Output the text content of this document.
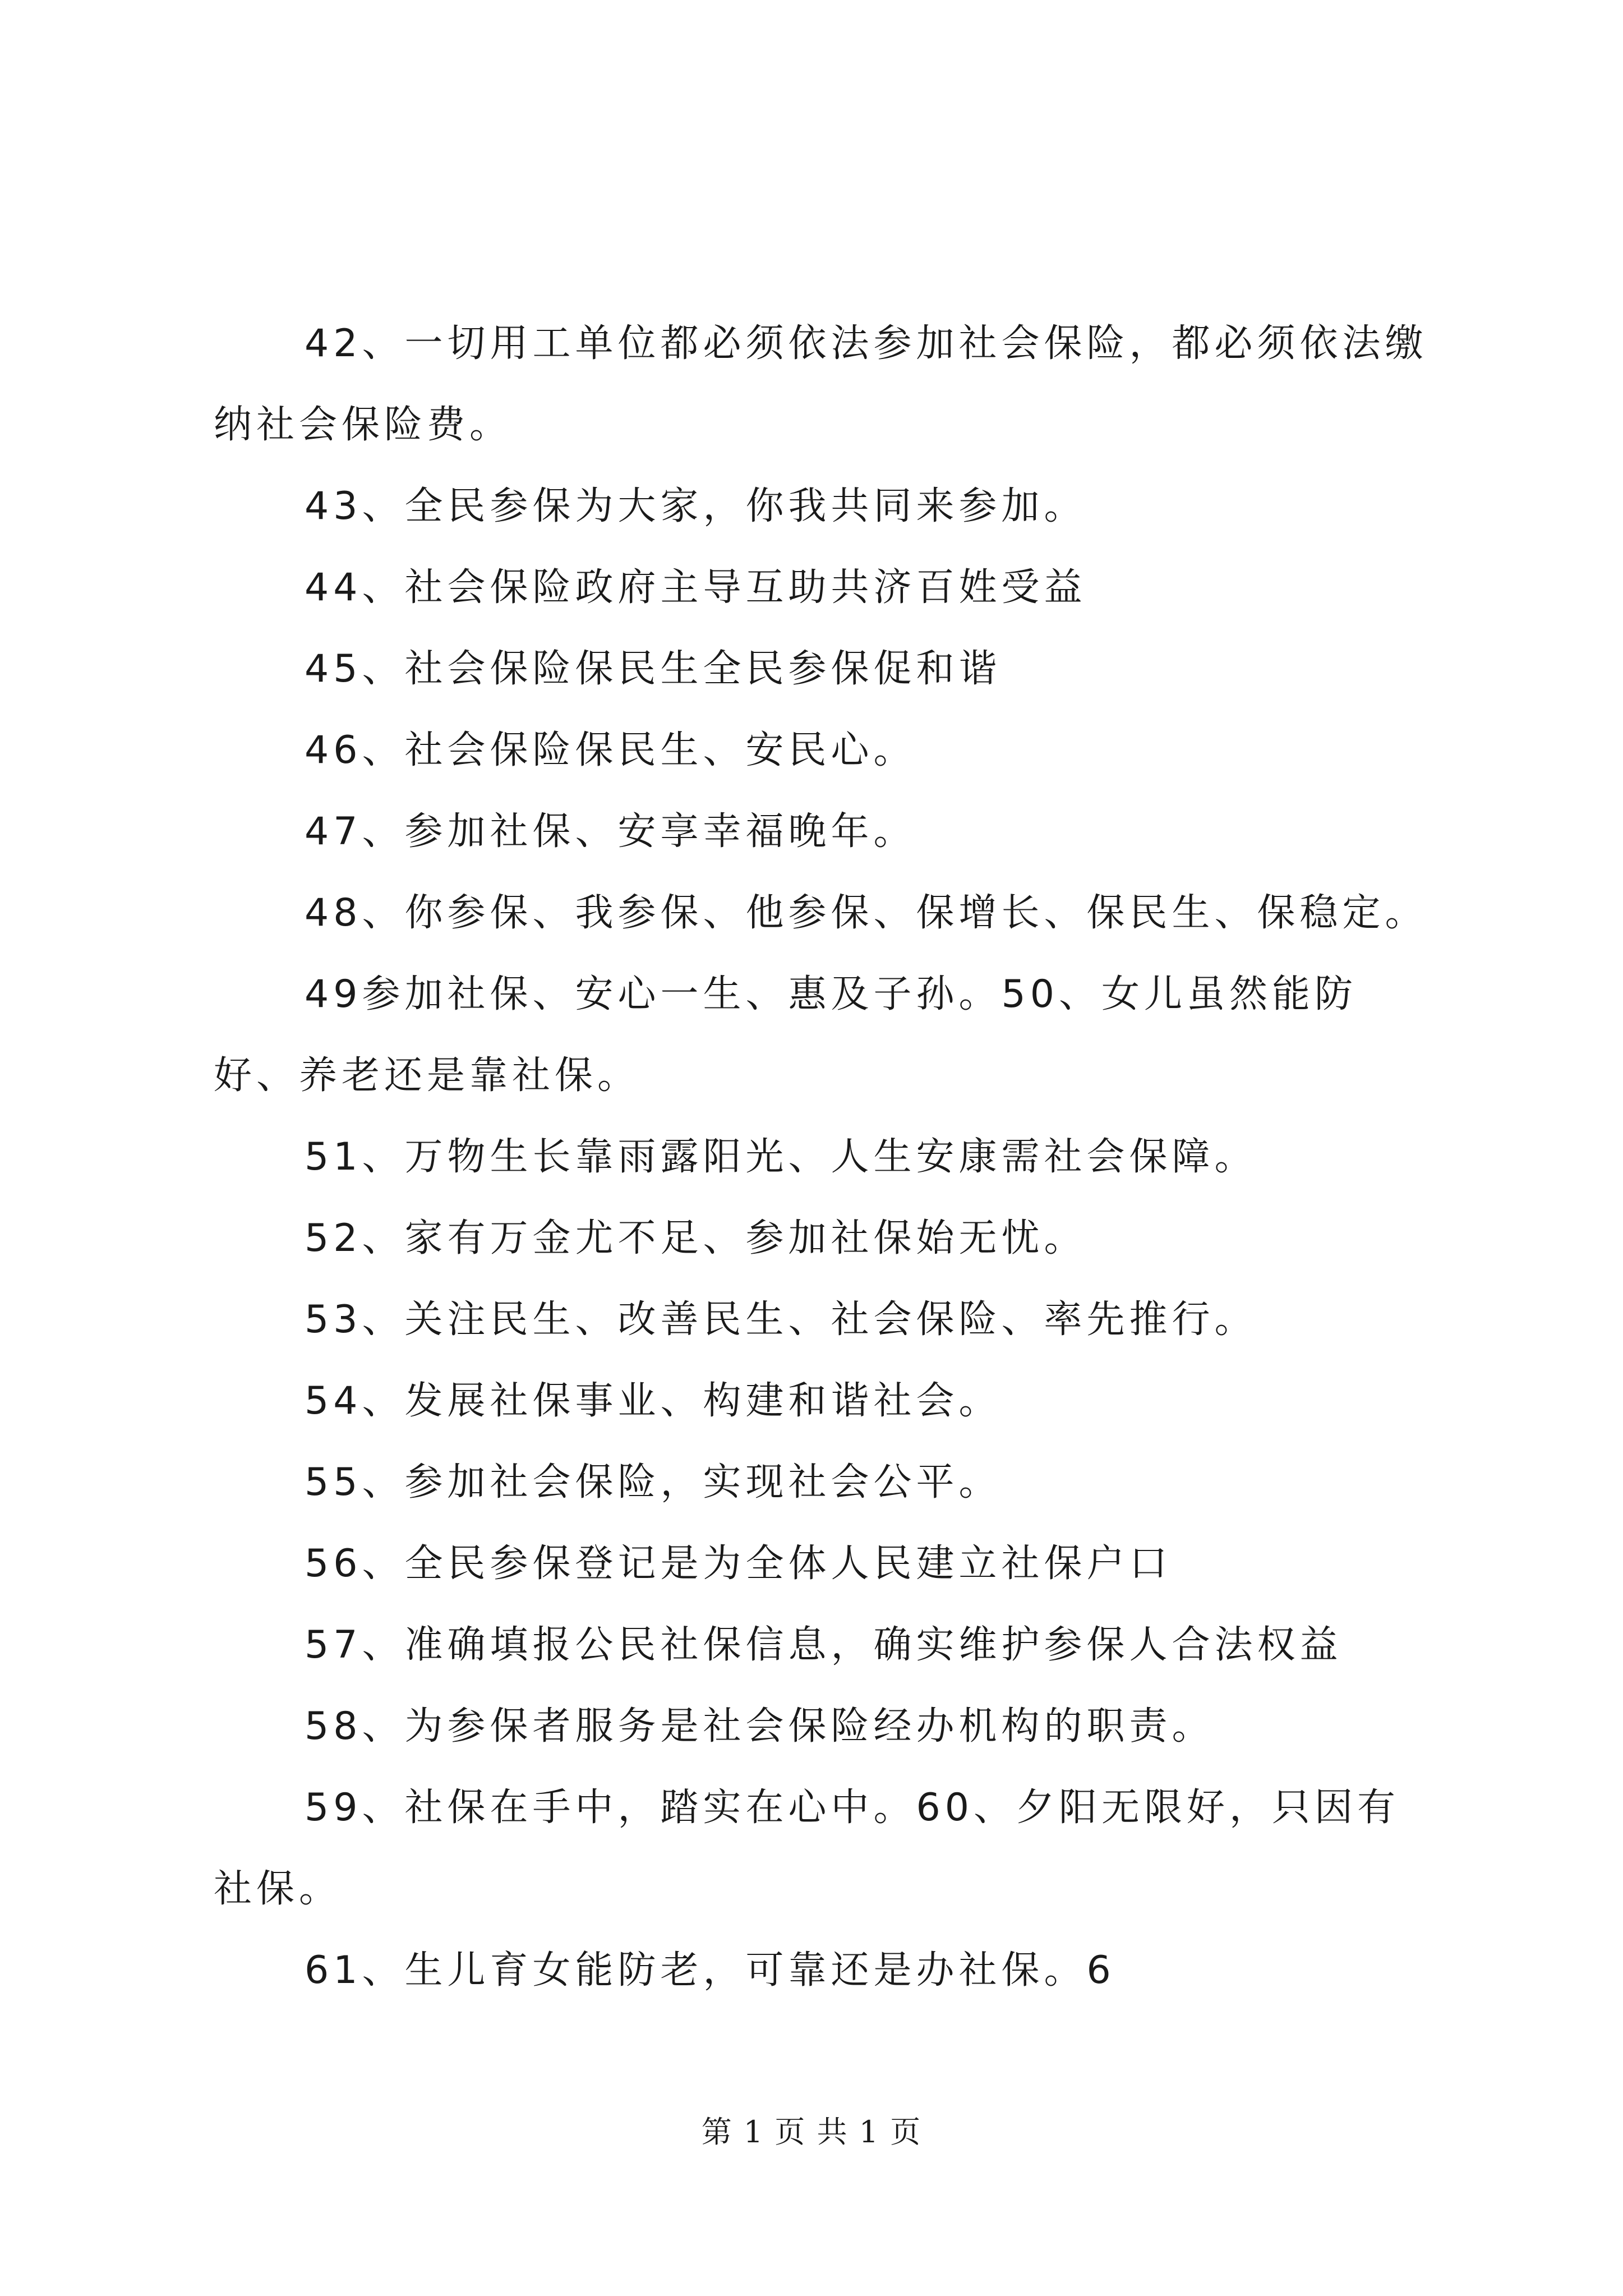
42、一切用工单位都必须依法参加社会保险，都必须依法缴纳社会保险费。

43、全民参保为大家，你我共同来参加。

44、社会保险政府主导互助共济百姓受益

45、社会保险保民生全民参保促和谐

46、社会保险保民生、安民心。

47、参加社保、安享幸福晚年。

48、你参保、我参保、他参保、保增长、保民生、保稳定。

49参加社保、安心一生、惠及子孙。50、女儿虽然能防好、养老还是靠社保。

51、万物生长靠雨露阳光、人生安康需社会保障。

52、家有万金尤不足、参加社保始无忧。

53、关注民生、改善民生、社会保险、率先推行。

54、发展社保事业、构建和谐社会。

55、参加社会保险，实现社会公平。

56、全民参保登记是为全体人民建立社保户口

57、准确填报公民社保信息，确实维护参保人合法权益

58、为参保者服务是社会保险经办机构的职责。

59、社保在手中，踏实在心中。60、夕阳无限好，只因有社保。

61、生儿育女能防老，可靠还是办社保。6

第 1 页 共 1 页
